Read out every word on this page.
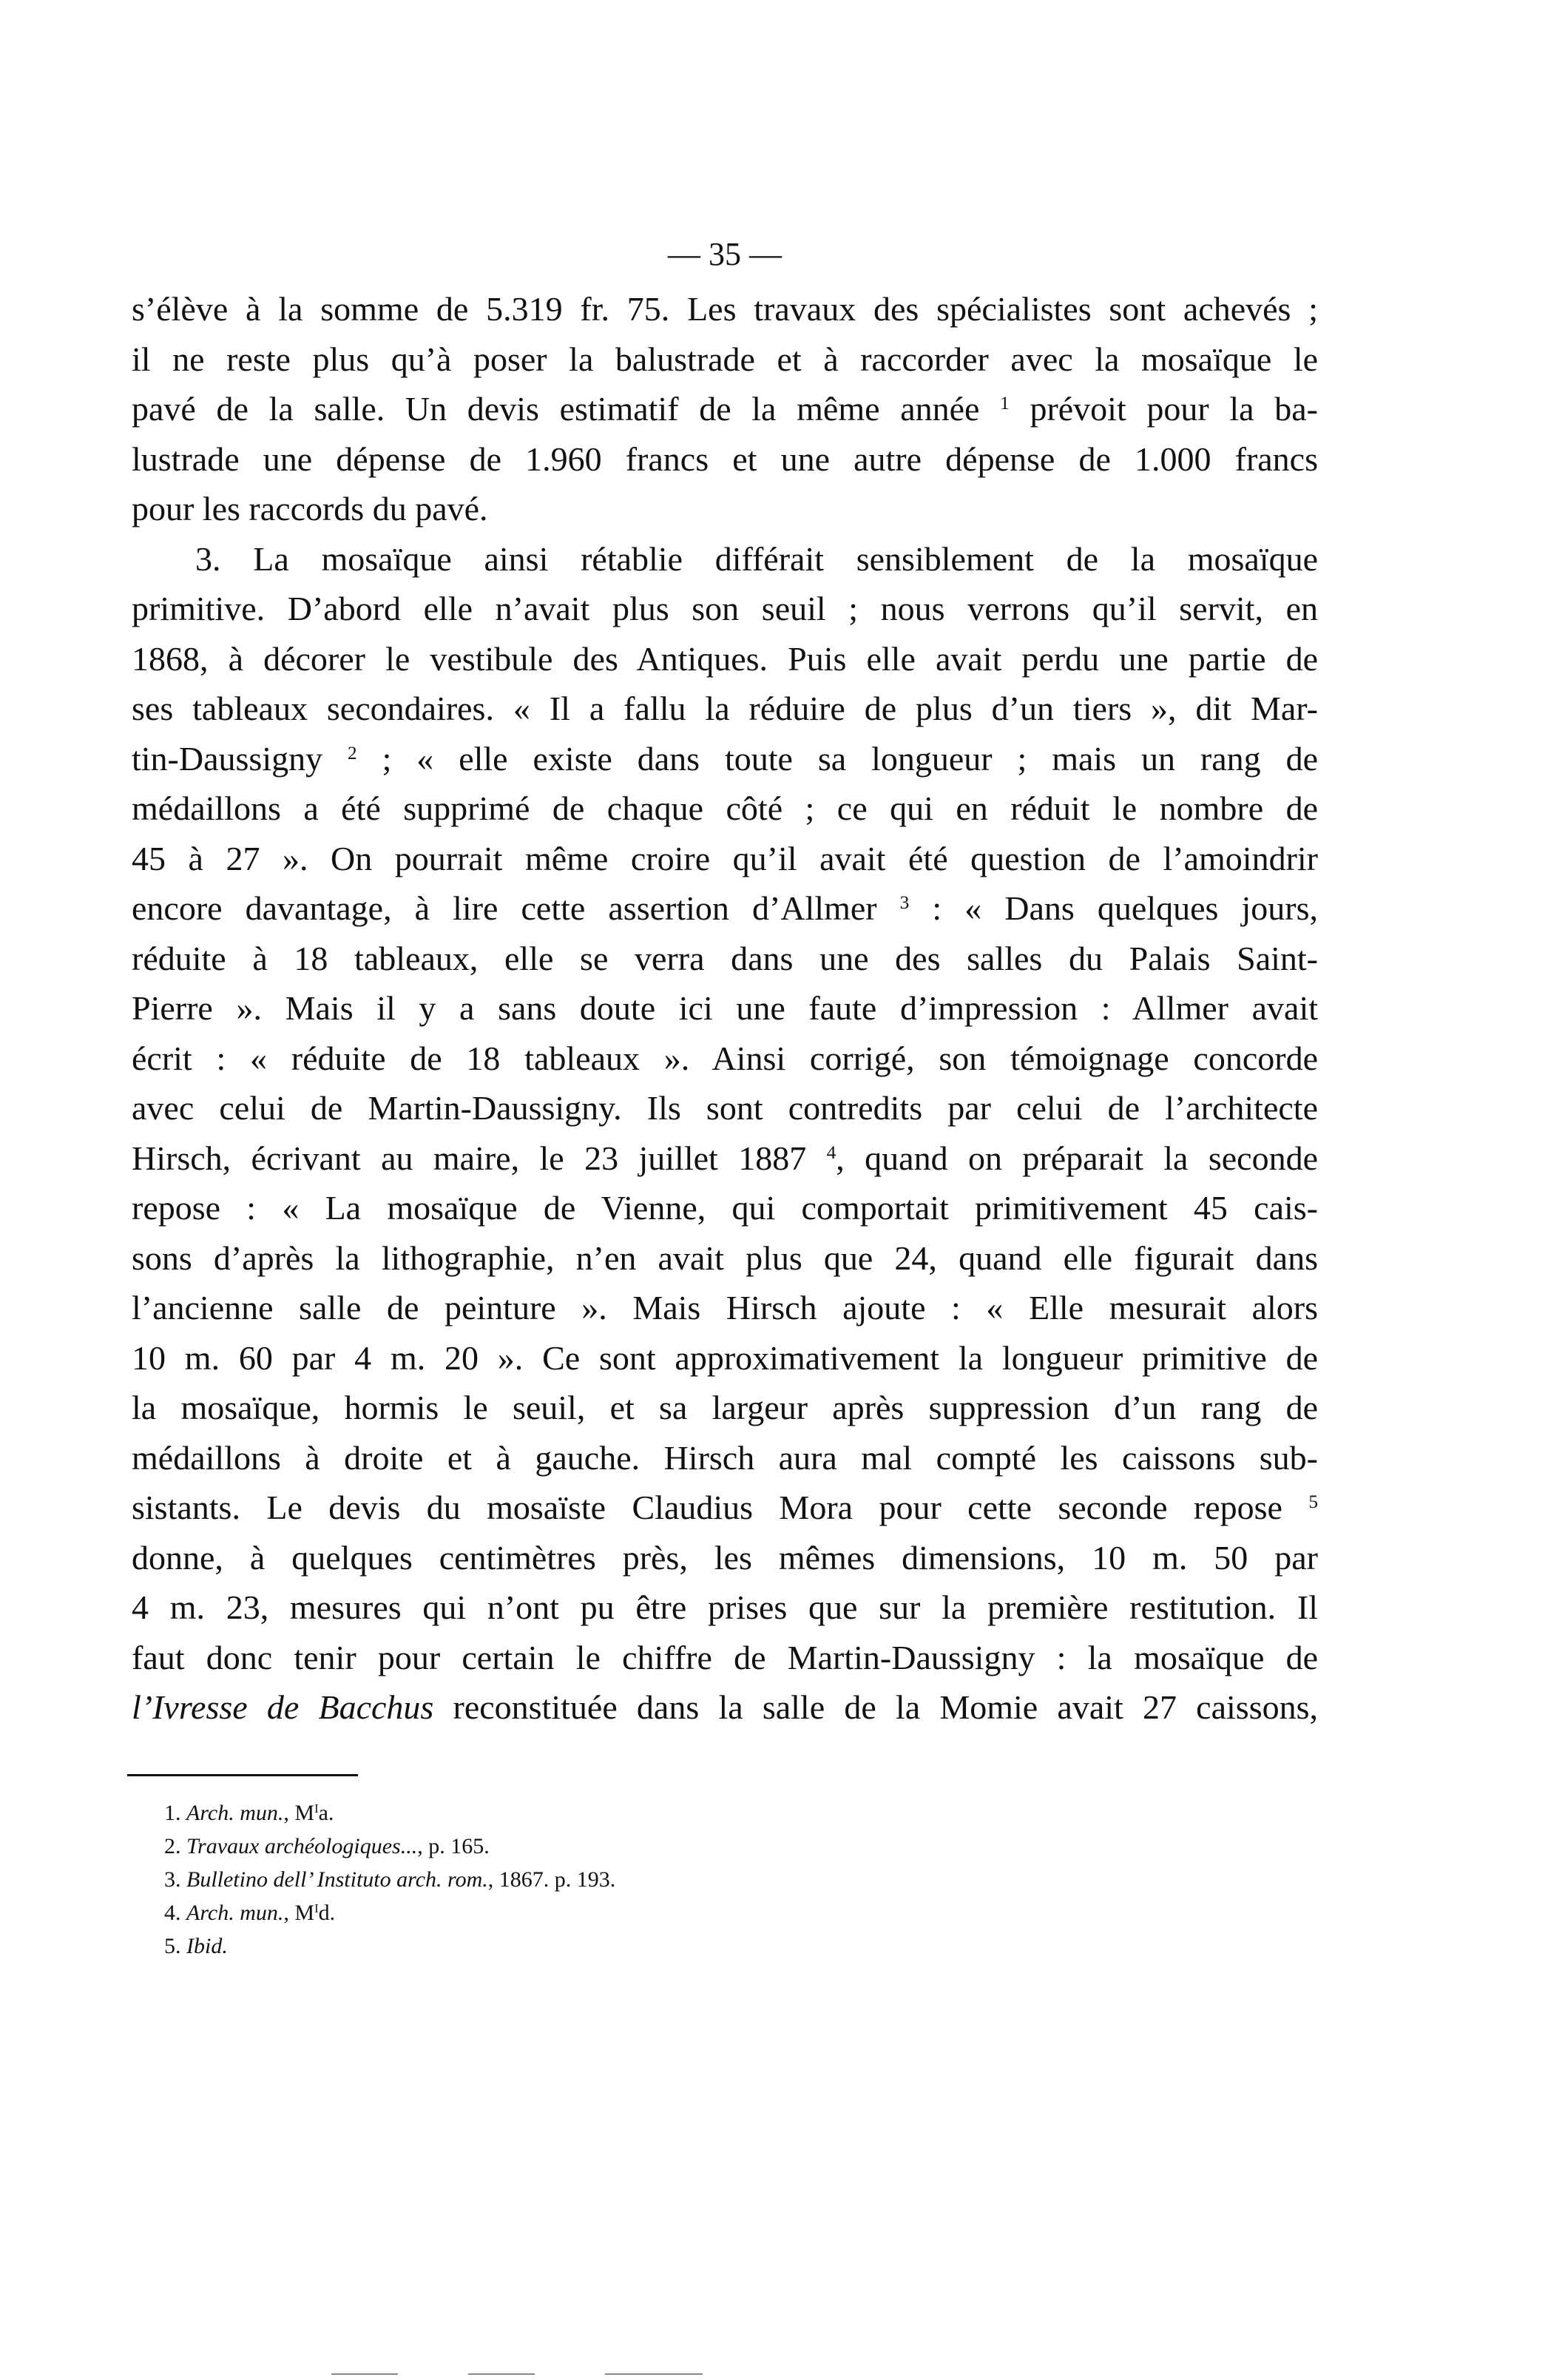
— 35 —
s’élève à la somme de 5.319 fr. 75. Les travaux des spécialistes sont achevés ;
il ne reste plus qu’à poser la balustrade et à raccorder avec la mosaïque le
pavé de la salle. Un devis estimatif de la même année $^1$ prévoit pour la ba-
lustrade une dépense de 1.960 francs et une autre dépense de 1.000 francs
pour les raccords du pavé.
3. La mosaïque ainsi rétablie différait sensiblement de la mosaïque
primitive. D’abord elle n’avait plus son seuil ; nous verrons qu’il servit, en
1868, à décorer le vestibule des Antiques. Puis elle avait perdu une partie de
ses tableaux secondaires. « Il a fallu la réduire de plus d’un tiers », dit Mar-
tin-Daussigny $^2$ ; « elle existe dans toute sa longueur ; mais un rang de
médaillons a été supprimé de chaque côté ; ce qui en réduit le nombre de
45 à 27 ». On pourrait même croire qu’il avait été question de l’amoindrir
encore davantage, à lire cette assertion d’Allmer $^3$ : « Dans quelques jours,
réduite à 18 tableaux, elle se verra dans une des salles du Palais Saint-
Pierre ». Mais il y a sans doute ici une faute d’impression : Allmer avait
écrit : « réduite de 18 tableaux ». Ainsi corrigé, son témoignage concorde
avec celui de Martin-Daussigny. Ils sont contredits par celui de l’architecte
Hirsch, écrivant au maire, le 23 juillet 1887 $^4$, quand on préparait la seconde
repose : « La mosaïque de Vienne, qui comportait primitivement 45 cais-
sons d’après la lithographie, n’en avait plus que 24, quand elle figurait dans
l’ancienne salle de peinture ». Mais Hirsch ajoute : « Elle mesurait alors
10 m. 60 par 4 m. 20 ». Ce sont approximativement la longueur primitive de
la mosaïque, hormis le seuil, et sa largeur après suppression d’un rang de
médaillons à droite et à gauche. Hirsch aura mal compté les caissons sub-
sistants. Le devis du mosaïste Claudius Mora pour cette seconde repose $^5$
donne, à quelques centimètres près, les mêmes dimensions, 10 m. 50 par
4 m. 23, mesures qui n’ont pu être prises que sur la première restitution. Il
faut donc tenir pour certain le chiffre de Martin-Daussigny : la mosaïque de
l’Ivresse de Bacchus reconstituée dans la salle de la Momie avait 27 caissons,
1. Arch. mun., $M^Ia$.
2. Travaux archéologiques..., p. 165.
3. Bulletino dell’ Instituto arch. rom., 1867. p. 193.
4. Arch. mun., $M^Id$.
5. Ibid.
